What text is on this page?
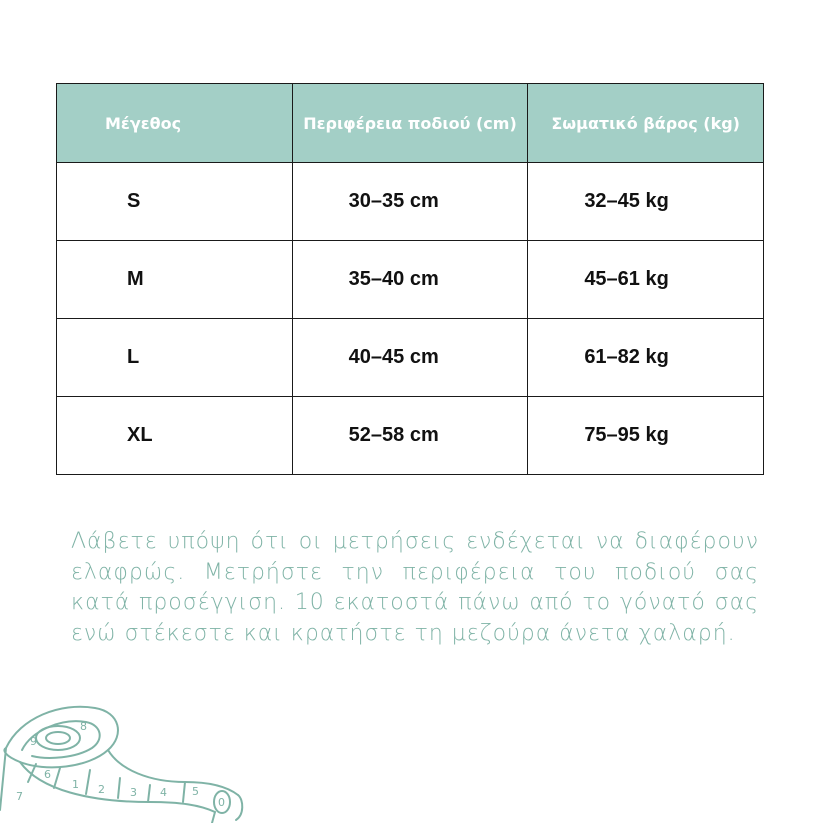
Μέγεθος	Περιφέρεια ποδιού (cm)	Σωματικό βάρος (kg)
S	30–35 cm	32–45 kg
M	35–40 cm	45–61 kg
L	40–45 cm	61–82 kg
XL	52–58 cm	75–95 kg

Λάβετε υπόψη ότι οι μετρήσεις ενδέχεται να διαφέρουν ελαφρώς. Μετρήστε την περιφέρεια του ποδιού σας κατά προσέγγιση. 10 εκατοστά πάνω από το γόνατό σας ενώ στέκεστε και κρατήστε τη μεζούρα άνετα χαλαρή.

1 2 3 4 5
6
7
8
9
0
